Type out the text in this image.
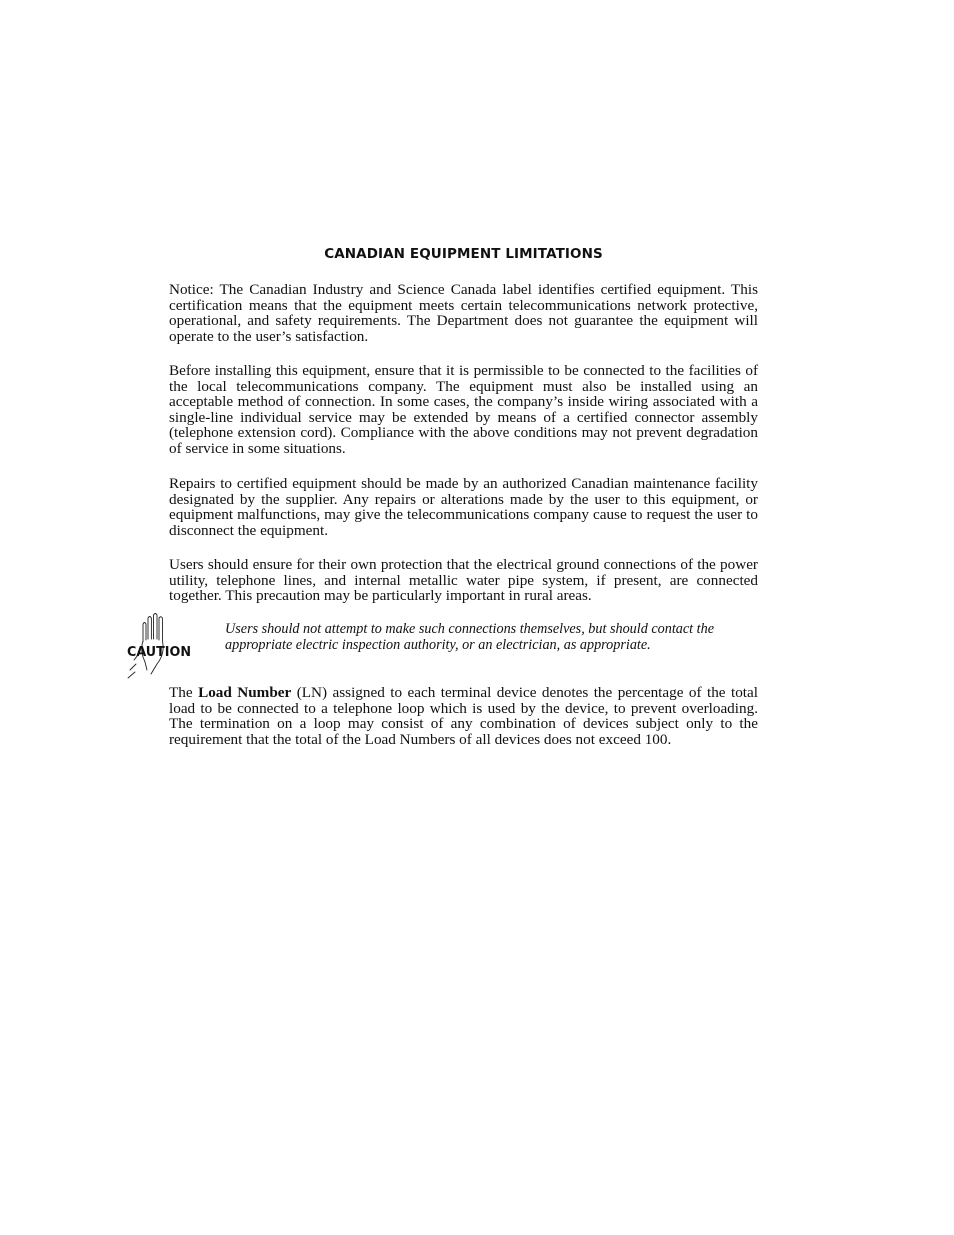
CANADIAN EQUIPMENT LIMITATIONS

Notice: The Canadian Industry and Science Canada label identifies certified equipment. This certification means that the equipment meets certain telecommunications network protective, operational, and safety requirements. The Department does not guarantee the equipment will operate to the user’s satisfaction.

Before installing this equipment, ensure that it is permissible to be connected to the facilities of the local telecommunications company. The equipment must also be installed using an acceptable method of connection. In some cases, the company’s inside wiring associated with a single-line individual service may be extended by means of a certified connector assembly (telephone extension cord). Compliance with the above conditions may not prevent degradation of service in some situations.

Repairs to certified equipment should be made by an authorized Canadian maintenance facility designated by the supplier. Any repairs or alterations made by the user to this equipment, or equipment malfunctions, may give the telecommunications company cause to request the user to disconnect the equipment.

Users should ensure for their own protection that the electrical ground connections of the power utility, telephone lines, and internal metallic water pipe system, if present, are connected together. This precaution may be particularly important in rural areas.

CAUTION

Users should not attempt to make such connections themselves, but should contact the appropriate electric inspection authority, or an electrician, as appropriate.

The Load Number (LN) assigned to each terminal device denotes the percentage of the total load to be connected to a telephone loop which is used by the device, to prevent overloading. The termination on a loop may consist of any combination of devices subject only to the requirement that the total of the Load Numbers of all devices does not exceed 100.
